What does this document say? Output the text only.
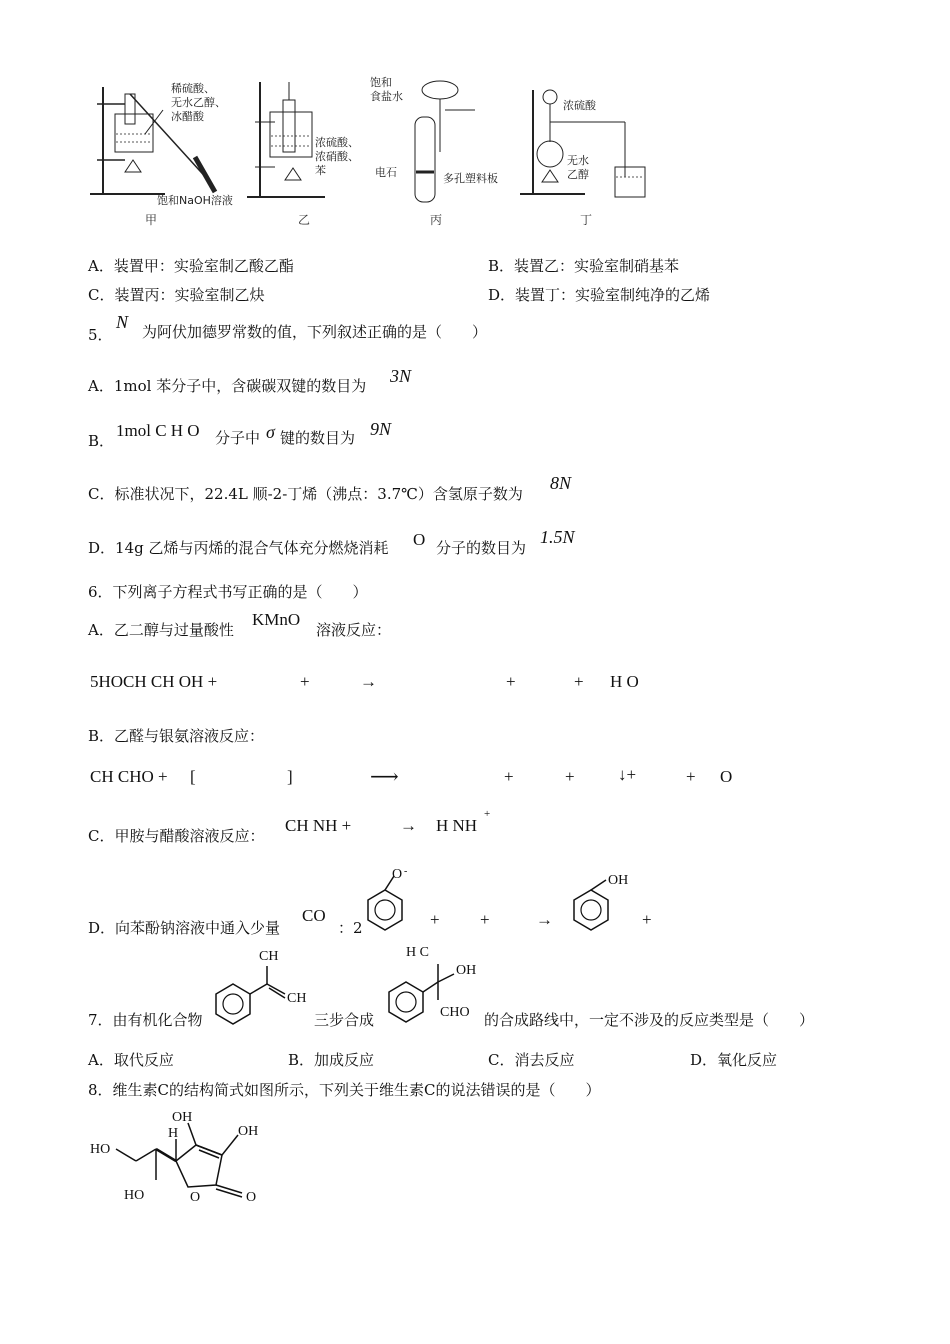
稀硫酸、
无水乙醇、
冰醋酸
饱和NaOH溶液
甲
浓硫酸、
浓硝酸、
苯
乙
饱和
食盐水
电石	多孔塑料板
丙
浓硫酸
无水
乙醇
丁
A．装置甲：实验室制乙酸乙酯	B．装置乙：实验室制硝基苯
C．装置丙：实验室制乙炔	D．装置丁：实验室制纯净的乙烯
5．
N 为阿伏加德罗常数的值，下列叙述正确的是（　　）
A．1mol 苯分子中，含碳碳双键的数目为 3N
B．
1mol C H O 分子中 σ 键的数目为 9N
C．标准状况下，22.4L 顺-2-丁烯（沸点：3.7℃）含氢原子数为
8N
D．14g 乙烯与丙烯的混合气体充分燃烧消耗 O 分子的数目为
1.5N
6．下列离子方程式书写正确的是（　　）
A．乙二醇与过量酸性
KMnO
溶液反应：
5HOCH CH OH +	+	→	+	+ H O
B．乙醛与银氨溶液反应：
CH CHO + [	]	⟶	+	+	↓+	+ O
C．甲胺与醋酸溶液反应：
CH NH +	→ H NH
+
D．向苯酚钠溶液中通入少量
CO
：2
O -
+ +	→
OH
+
7．由有机化合物
CH
CH
三步合成
H C
OH
CHO 的合成路线中，一定不涉及的反应类型是（　　）
A．取代反应	B．加成反应	C．消去反应	D．氧化反应
8．维生素C的结构简式如图所示，下列关于维生素C的说法错误的是（　　）
HO
OH
H	OH
HO	O	O
